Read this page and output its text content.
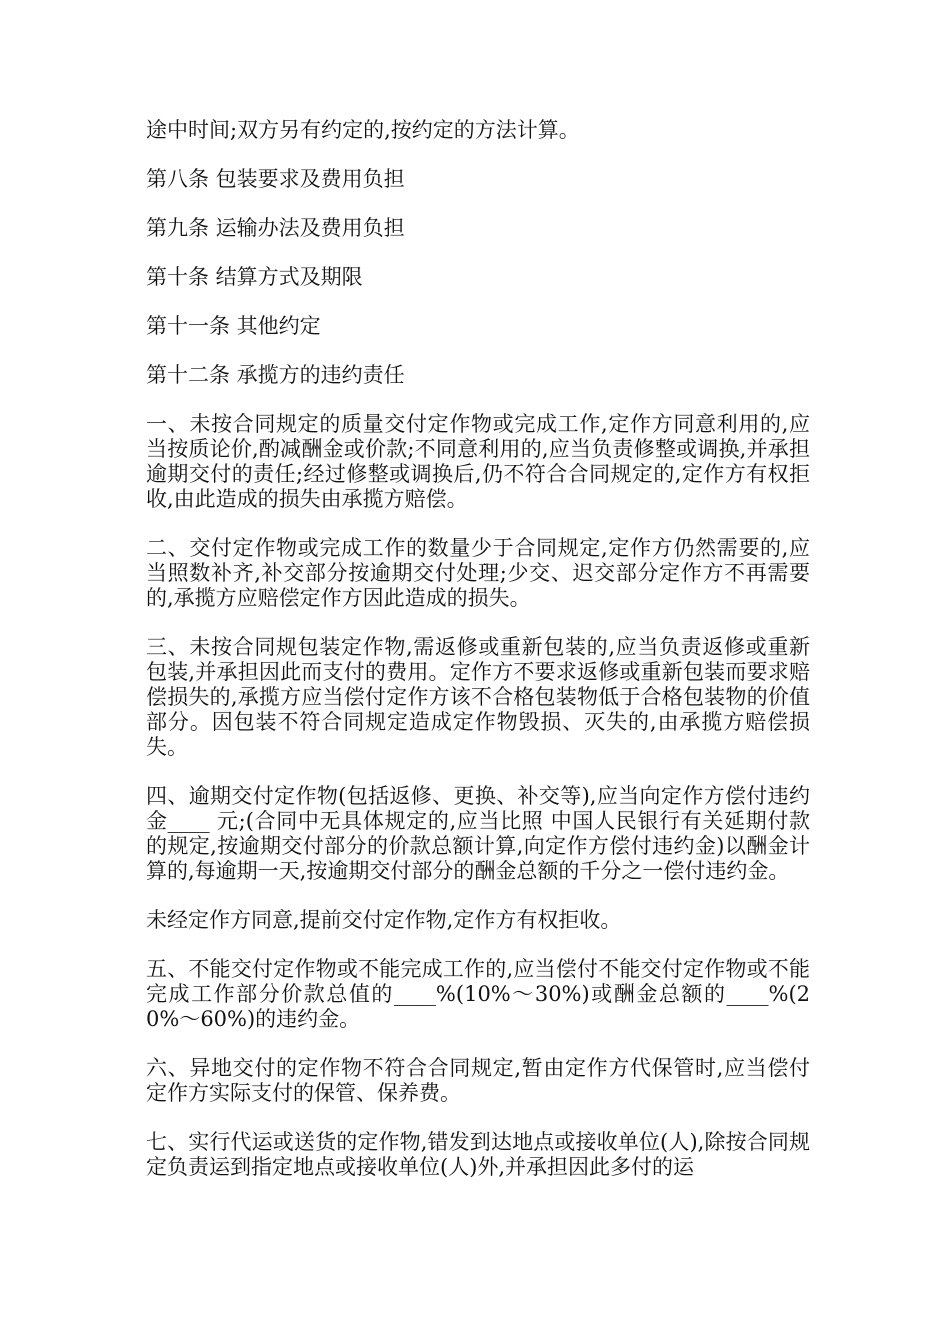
途中时间;双方另有约定的,按约定的方法计算。

第八条 包装要求及费用负担

第九条 运输办法及费用负担

第十条 结算方式及期限

第十一条 其他约定

第十二条 承揽方的违约责任

一、未按合同规定的质量交付定作物或完成工作,定作方同意利用的,应当按质论价,酌减酬金或价款;不同意利用的,应当负责修整或调换,并承担逾期交付的责任;经过修整或调换后,仍不符合合同规定的,定作方有权拒收,由此造成的损失由承揽方赔偿。

二、交付定作物或完成工作的数量少于合同规定,定作方仍然需要的,应当照数补齐,补交部分按逾期交付处理;少交、迟交部分定作方不再需要的,承揽方应赔偿定作方因此造成的损失。

三、未按合同规包装定作物,需返修或重新包装的,应当负责返修或重新包装,并承担因此而支付的费用。定作方不要求返修或重新包装而要求赔偿损失的,承揽方应当偿付定作方该不合格包装物低于合格包装物的价值部分。因包装不符合同规定造成定作物毁损、灭失的,由承揽方赔偿损失。

四、逾期交付定作物(包括返修、更换、补交等),应当向定作方偿付违约金____ 元;(合同中无具体规定的,应当比照 中国人民银行有关延期付款的规定,按逾期交付部分的价款总额计算,向定作方偿付违约金)以酬金计算的,每逾期一天,按逾期交付部分的酬金总额的千分之一偿付违约金。

未经定作方同意,提前交付定作物,定作方有权拒收。

五、不能交付定作物或不能完成工作的,应当偿付不能交付定作物或不能完成工作部分价款总值的____%(10%～30%)或酬金总额的____%(20%～60%)的违约金。

六、异地交付的定作物不符合合同规定,暂由定作方代保管时,应当偿付定作方实际支付的保管、保养费。

七、实行代运或送货的定作物,错发到达地点或接收单位(人),除按合同规定负责运到指定地点或接收单位(人)外,并承担因此多付的运
